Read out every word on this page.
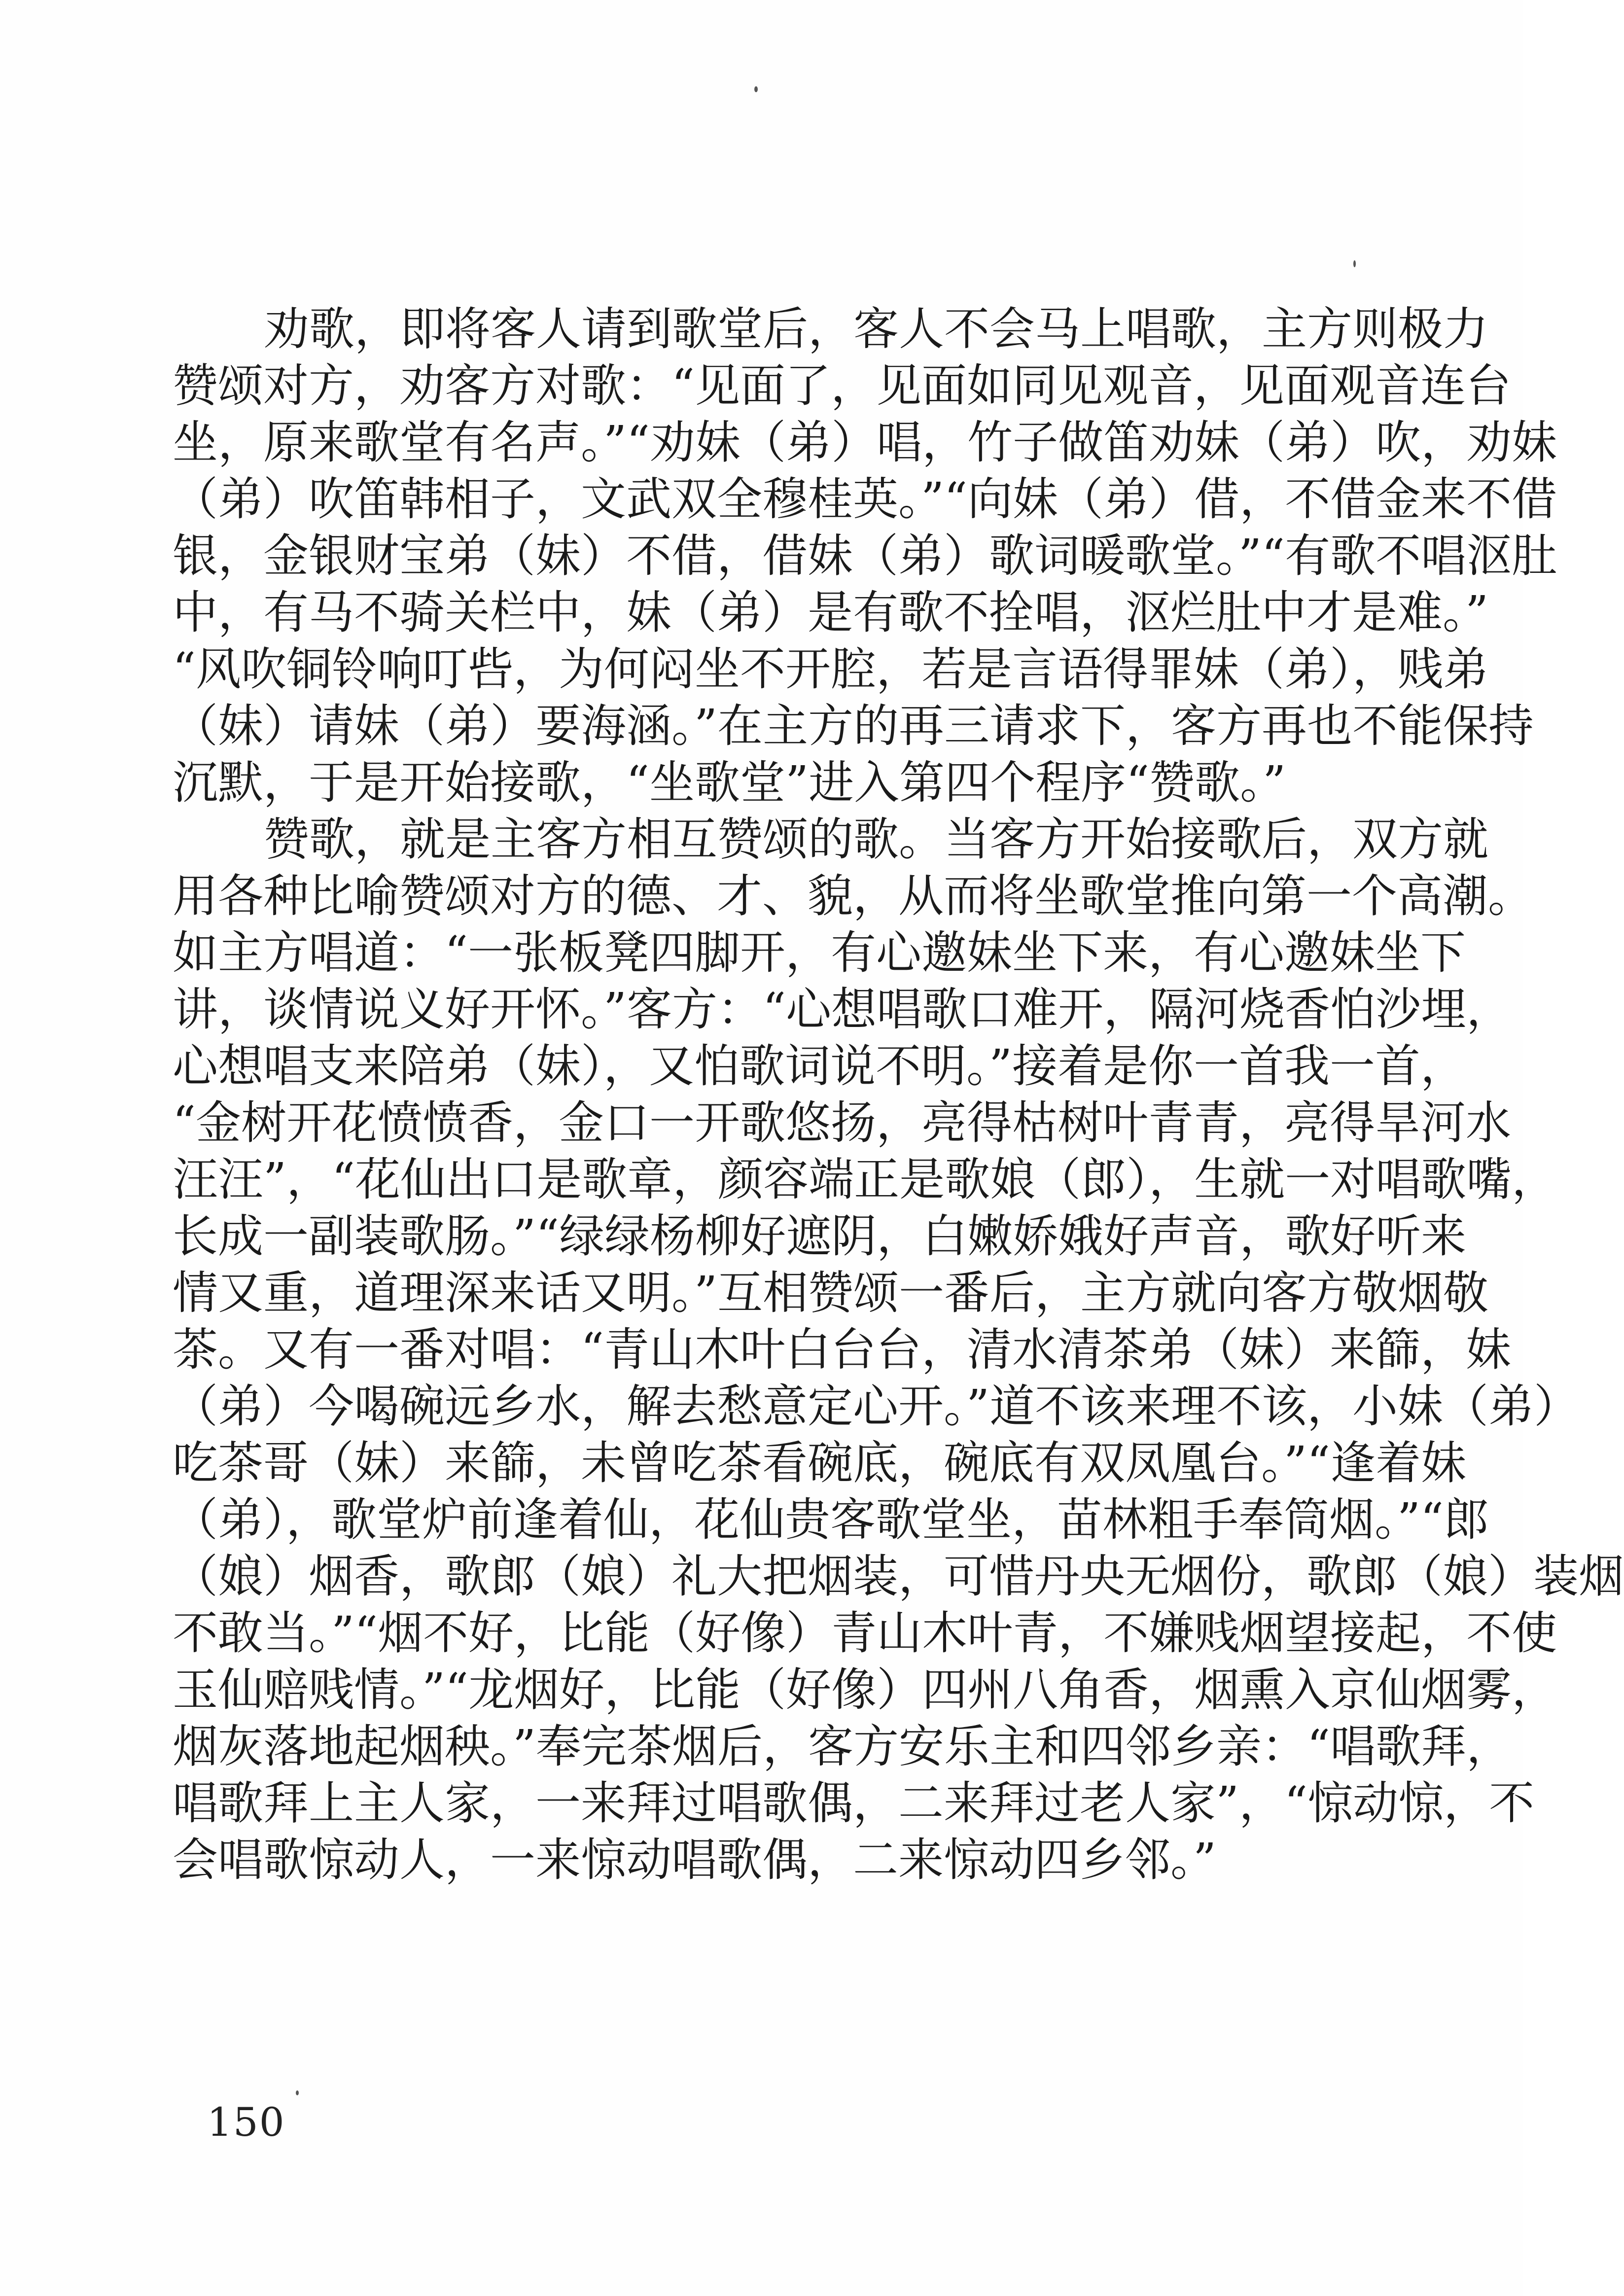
劝歌，即将客人请到歌堂后，客人不会马上唱歌，主方则极力
赞颂对方，劝客方对歌：“见面了，见面如同见观音，见面观音连台
坐，原来歌堂有名声。”“劝妹（弟）唱，竹子做笛劝妹（弟）吹，劝妹
（弟）吹笛韩相子，文武双全穆桂英。”“向妹（弟）借，不借金来不借
银，金银财宝弟（妹）不借，借妹（弟）歌词暖歌堂。”“有歌不唱沤肚
中，有马不骑关栏中，妹（弟）是有歌不拴唱，沤烂肚中才是难。”
“风吹铜铃响叮呰，为何闷坐不开腔，若是言语得罪妹（弟），贱弟
（妹）请妹（弟）要海涵。”在主方的再三请求下，客方再也不能保持
沉默，于是开始接歌，“坐歌堂”进入第四个程序“赞歌。”
赞歌，就是主客方相互赞颂的歌。当客方开始接歌后，双方就
用各种比喻赞颂对方的德、才、貌，从而将坐歌堂推向第一个高潮。
如主方唱道：“一张板凳四脚开，有心邀妹坐下来，有心邀妹坐下
讲，谈情说义好开怀。”客方：“心想唱歌口难开，隔河烧香怕沙埋，
心想唱支来陪弟（妹），又怕歌词说不明。”接着是你一首我一首，
“金树开花愤愤香，金口一开歌悠扬，亮得枯树叶青青，亮得旱河水
汪汪”，“花仙出口是歌章，颜容端正是歌娘（郎），生就一对唱歌嘴，
长成一副装歌肠。”“绿绿杨柳好遮阴，白嫩娇娥好声音，歌好听来
情又重，道理深来话又明。”互相赞颂一番后，主方就向客方敬烟敬
茶。又有一番对唱：“青山木叶白台台，清水清茶弟（妹）来篩，妹
（弟）今喝碗远乡水，解去愁意定心开。”道不该来理不该，小妹（弟）
吃茶哥（妹）来篩，未曾吃茶看碗底，碗底有双凤凰台。”“逢着妹
（弟），歌堂炉前逢着仙，花仙贵客歌堂坐，苗林粗手奉筒烟。”“郎
（娘）烟香，歌郎（娘）礼大把烟装，可惜丹央无烟份，歌郎（娘）装烟
不敢当。”“烟不好，比能（好像）青山木叶青，不嫌贱烟望接起，不使
玉仙赔贱情。”“龙烟好，比能（好像）四州八角香，烟熏入京仙烟雾，
烟灰落地起烟秧。”奉完茶烟后，客方安乐主和四邻乡亲：“唱歌拜，
唱歌拜上主人家，一来拜过唱歌偶，二来拜过老人家”，“惊动惊，不
会唱歌惊动人，一来惊动唱歌偶，二来惊动四乡邻。”
150
